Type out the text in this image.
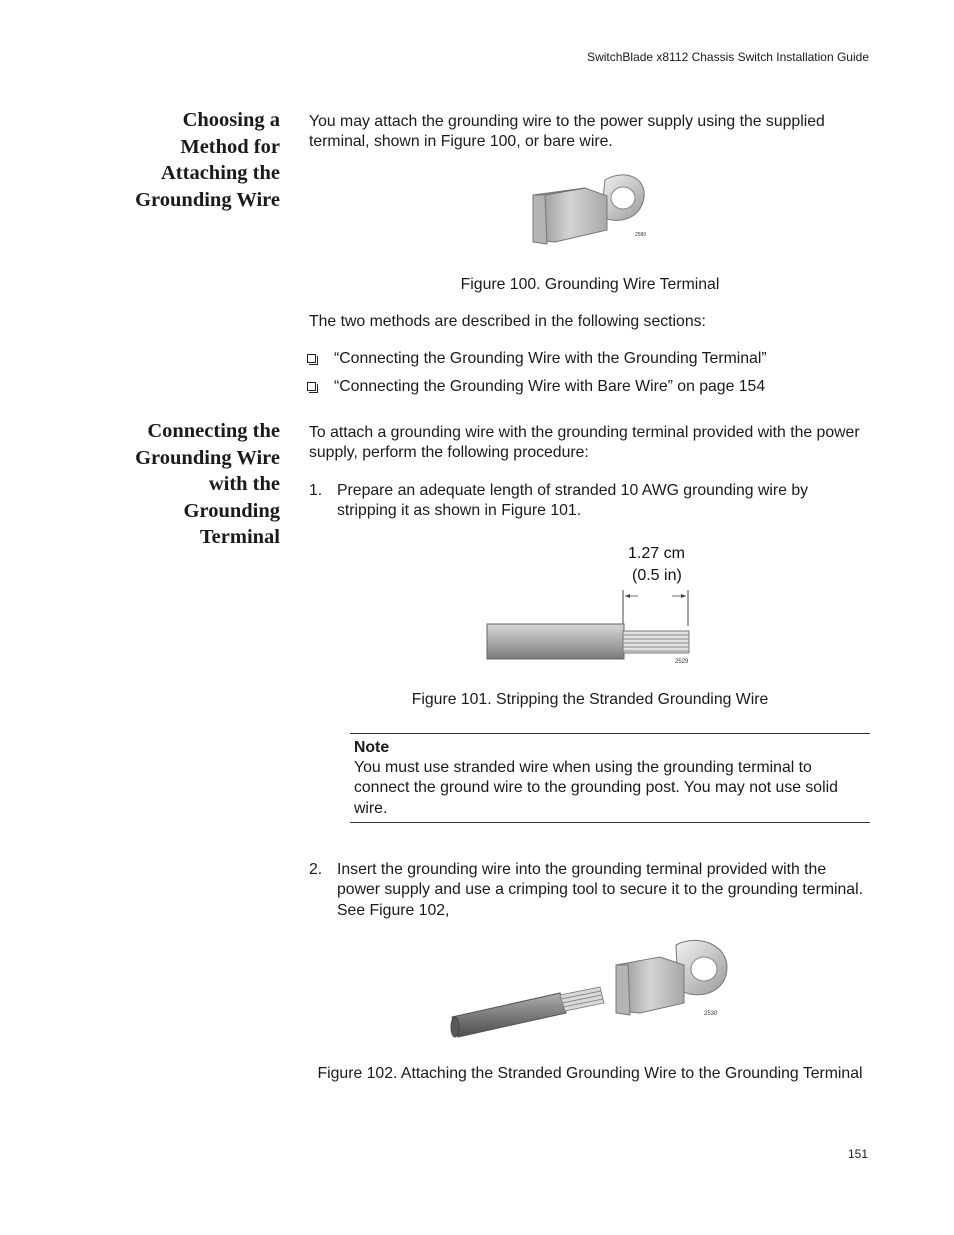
SwitchBlade x8112 Chassis Switch Installation Guide
Choosing a
Method for
Attaching the
Grounding Wire

You may attach the grounding wire to the power supply using the supplied terminal, shown in Figure 100, or bare wire.

2580
Figure 100. Grounding Wire Terminal

The two methods are described in the following sections:

“Connecting the Grounding Wire with the Grounding Terminal”
“Connecting the Grounding Wire with Bare Wire” on page 154
Connecting the
Grounding Wire
with the
Grounding
Terminal

To attach a grounding wire with the grounding terminal provided with the power supply, perform the following procedure:

1. Prepare an adequate length of stranded 10 AWG grounding wire by stripping it as shown in Figure 101.
1.27 cm
(0.5 in)
2529
Figure 101. Stripping the Stranded Grounding Wire
Note
You must use stranded wire when using the grounding terminal to connect the ground wire to the grounding post. You may not use solid wire.
2. Insert the grounding wire into the grounding terminal provided with the power supply and use a crimping tool to secure it to the grounding terminal. See Figure 102,
2530
Figure 102. Attaching the Stranded Grounding Wire to the Grounding Terminal
151
